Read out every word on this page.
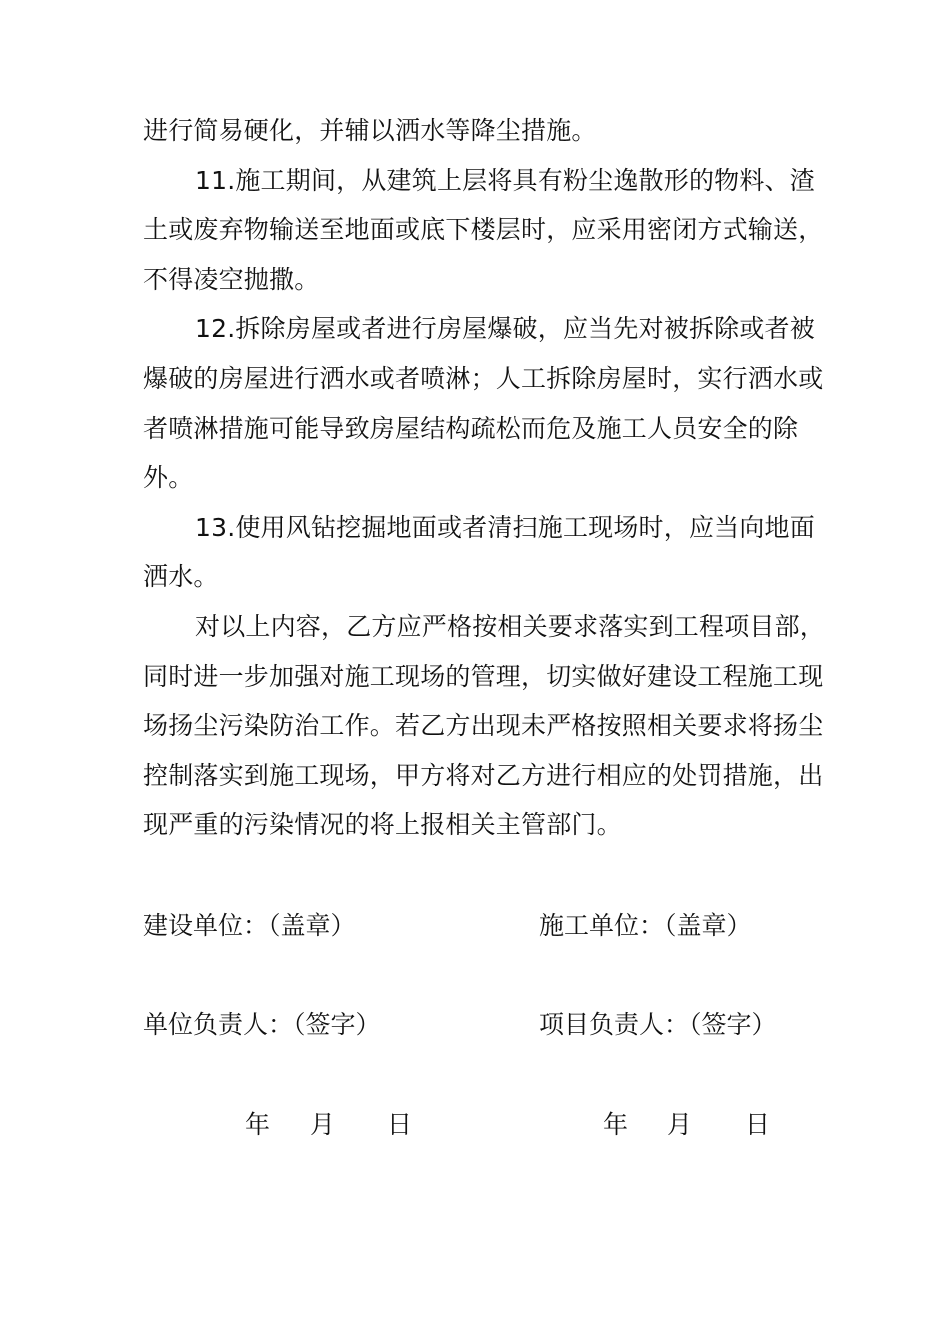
进行简易硬化，并辅以洒水等降尘措施。

11.施工期间，从建筑上层将具有粉尘逸散形的物料、渣土或废弃物输送至地面或底下楼层时，应采用密闭方式输送，不得凌空抛撒。

12.拆除房屋或者进行房屋爆破，应当先对被拆除或者被爆破的房屋进行洒水或者喷淋；人工拆除房屋时，实行洒水或者喷淋措施可能导致房屋结构疏松而危及施工人员安全的除外。

13.使用风钻挖掘地面或者清扫施工现场时，应当向地面洒水。

对以上内容，乙方应严格按相关要求落实到工程项目部，同时进一步加强对施工现场的管理，切实做好建设工程施工现场扬尘污染防治工作。若乙方出现未严格按照相关要求将扬尘控制落实到施工现场，甲方将对乙方进行相应的处罚措施，出现严重的污染情况的将上报相关主管部门。

建设单位：（盖章）
单位负责人：（签字）
年 月 日
施工单位：（盖章）
项目负责人：（签字）
年 月 日
